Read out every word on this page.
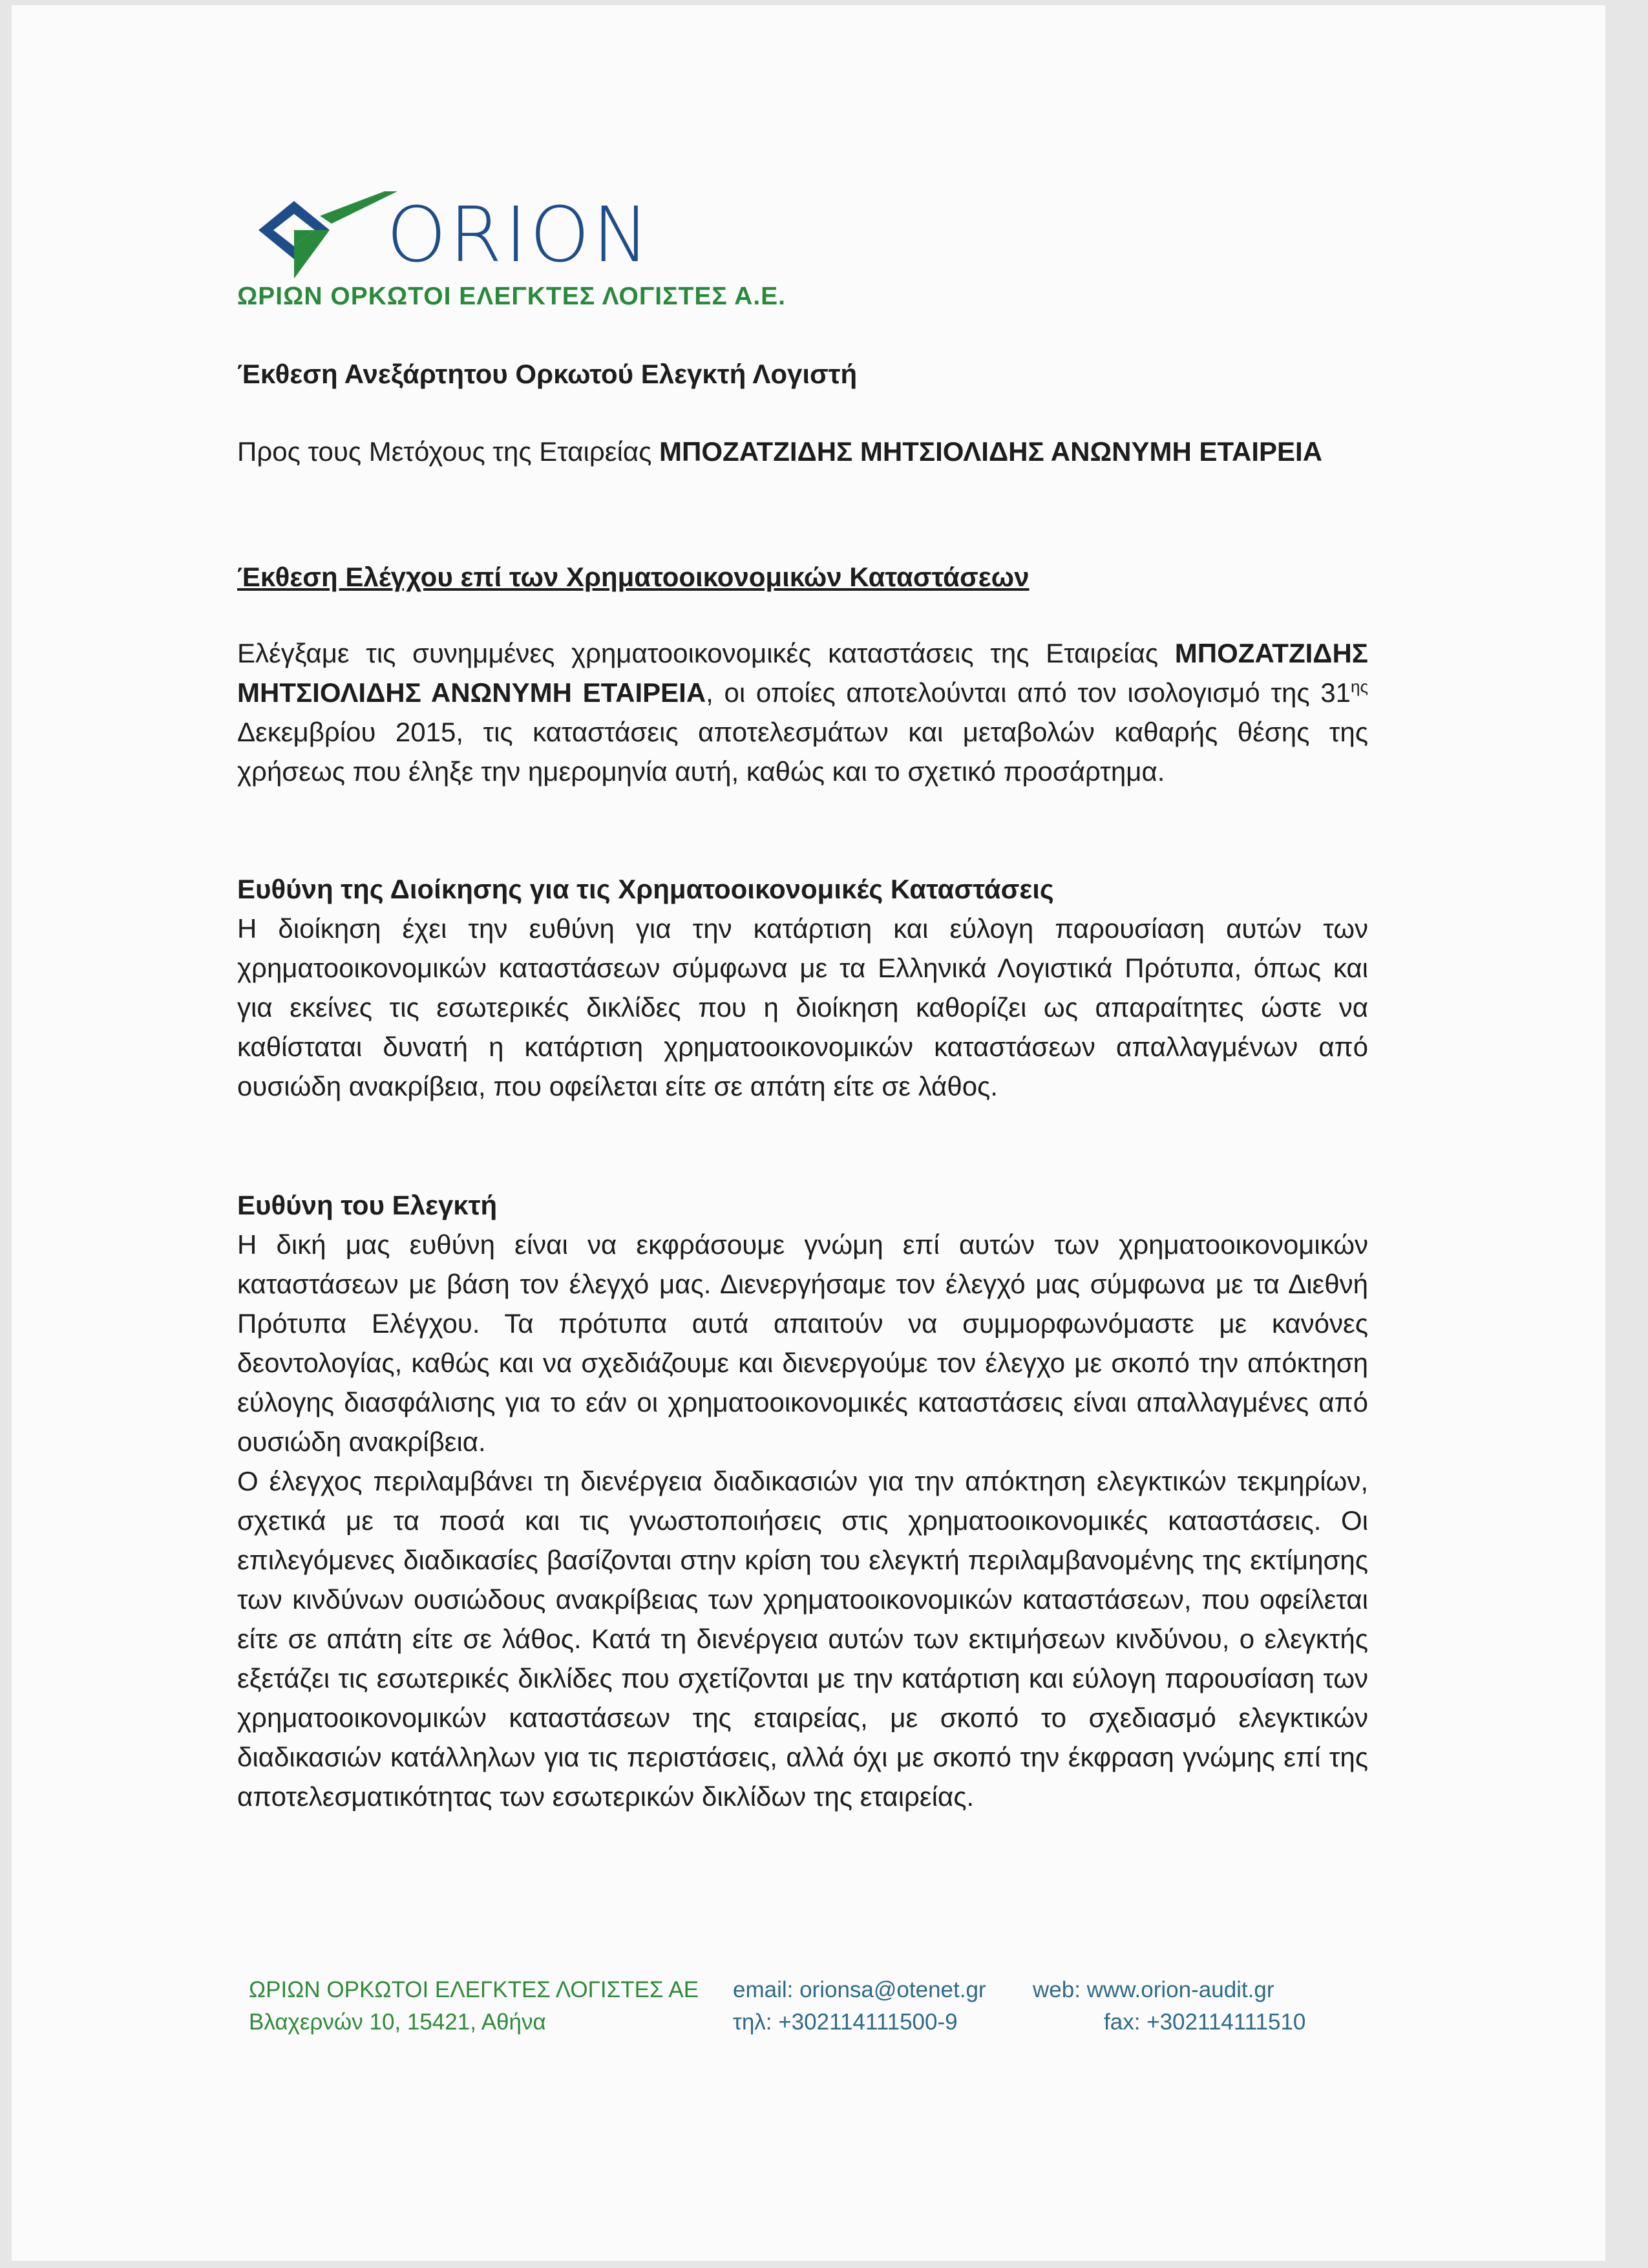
ORION
ΩΡΙΩΝ ΟΡΚΩΤΟΙ ΕΛΕΓΚΤΕΣ ΛΟΓΙΣΤΕΣ Α.Ε.
Έκθεση Ανεξάρτητου Ορκωτού Ελεγκτή Λογιστή
Προς τους Μετόχους της Εταιρείας ΜΠΟΖΑΤΖΙΔΗΣ ΜΗΤΣΙΟΛΙΔΗΣ ΑΝΩΝΥΜΗ ΕΤΑΙΡΕΙΑ
Έκθεση Ελέγχου επί των Χρηματοοικονομικών Καταστάσεων
Ελέγξαμε τις συνημμένες χρηματοοικονομικές καταστάσεις της Εταιρείας ΜΠΟΖΑΤΖΙΔΗΣ ΜΗΤΣΙΟΛΙΔΗΣ ΑΝΩΝΥΜΗ ΕΤΑΙΡΕΙΑ, οι οποίες αποτελούνται από τον ισολογισμό της $31^{\eta\varsigma}$ Δεκεμβρίου 2015, τις καταστάσεις αποτελεσμάτων και μεταβολών καθαρής θέσης της χρήσεως που έληξε την ημερομηνία αυτή, καθώς και το σχετικό προσάρτημα.
Ευθύνη της Διοίκησης για τις Χρηματοοικονομικές Καταστάσεις
Η διοίκηση έχει την ευθύνη για την κατάρτιση και εύλογη παρουσίαση αυτών των χρηματοοικονομικών καταστάσεων σύμφωνα με τα Ελληνικά Λογιστικά Πρότυπα, όπως και για εκείνες τις εσωτερικές δικλίδες που η διοίκηση καθορίζει ως απαραίτητες ώστε να καθίσταται δυνατή η κατάρτιση χρηματοοικονομικών καταστάσεων απαλλαγμένων από ουσιώδη ανακρίβεια, που οφείλεται είτε σε απάτη είτε σε λάθος.
Ευθύνη του Ελεγκτή
Η δική μας ευθύνη είναι να εκφράσουμε γνώμη επί αυτών των χρηματοοικονομικών καταστάσεων με βάση τον έλεγχό μας. Διενεργήσαμε τον έλεγχό μας σύμφωνα με τα Διεθνή Πρότυπα Ελέγχου. Τα πρότυπα αυτά απαιτούν να συμμορφωνόμαστε με κανόνες δεοντολογίας, καθώς και να σχεδιάζουμε και διενεργούμε τον έλεγχο με σκοπό την απόκτηση εύλογης διασφάλισης για το εάν οι χρηματοοικονομικές καταστάσεις είναι απαλλαγμένες από ουσιώδη ανακρίβεια.
Ο έλεγχος περιλαμβάνει τη διενέργεια διαδικασιών για την απόκτηση ελεγκτικών τεκμηρίων, σχετικά με τα ποσά και τις γνωστοποιήσεις στις χρηματοοικονομικές καταστάσεις. Οι επιλεγόμενες διαδικασίες βασίζονται στην κρίση του ελεγκτή περιλαμβανομένης της εκτίμησης των κινδύνων ουσιώδους ανακρίβειας των χρηματοοικονομικών καταστάσεων, που οφείλεται είτε σε απάτη είτε σε λάθος. Κατά τη διενέργεια αυτών των εκτιμήσεων κινδύνου, ο ελεγκτής εξετάζει τις εσωτερικές δικλίδες που σχετίζονται με την κατάρτιση και εύλογη παρουσίαση των χρηματοοικονομικών καταστάσεων της εταιρείας, με σκοπό το σχεδιασμό ελεγκτικών διαδικασιών κατάλληλων για τις περιστάσεις, αλλά όχι με σκοπό την έκφραση γνώμης επί της αποτελεσματικότητας των εσωτερικών δικλίδων της εταιρείας.
ΩΡΙΩΝ ΟΡΚΩΤΟΙ ΕΛΕΓΚΤΕΣ ΛΟΓΙΣΤΕΣ ΑΕ
Βλαχερνών 10, 15421, Αθήνα
email: orionsa@otenet.gr
τηλ: +302114111500-9
web: www.orion-audit.gr
fax: +302114111510
